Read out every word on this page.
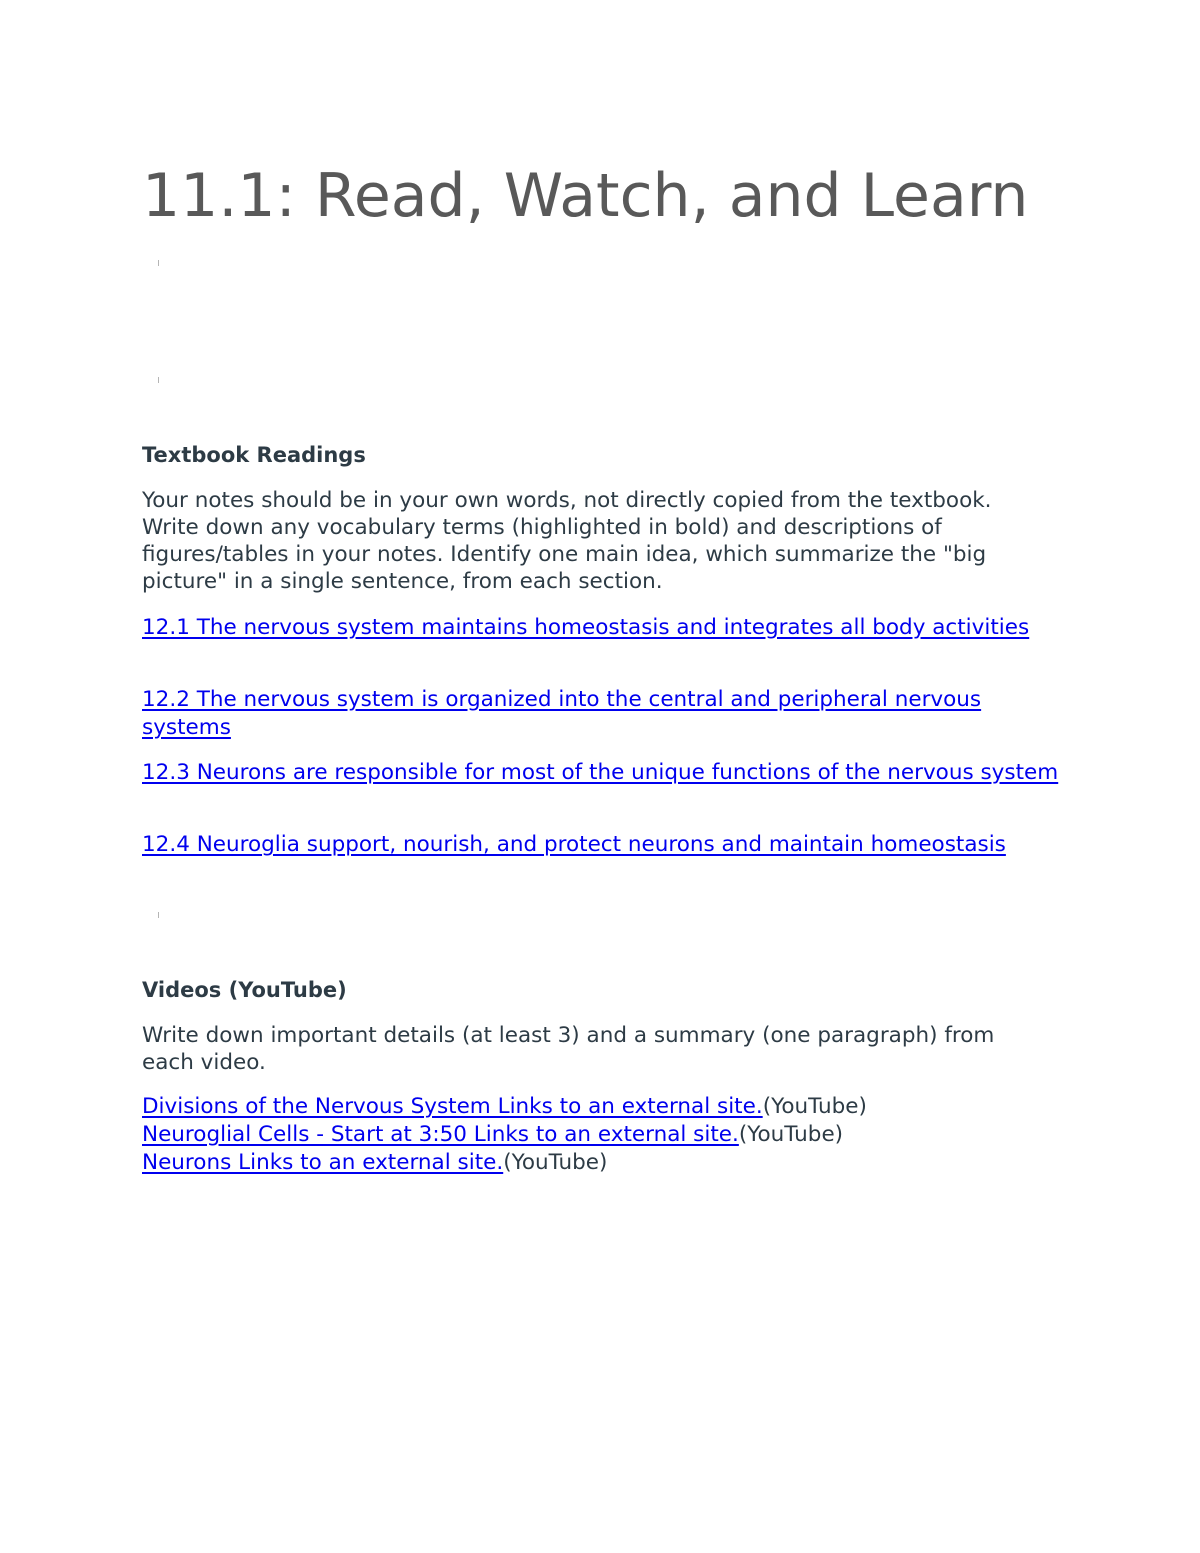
11.1: Read, Watch, and Learn
Textbook Readings

Your notes should be in your own words, not directly copied from the textbook. Write down any vocabulary terms (highlighted in bold) and descriptions of figures/tables in your notes. Identify one main idea, which summarize the "big picture" in a single sentence, from each section.

12.1 The nervous system maintains homeostasis and integrates all body activities

12.2 The nervous system is organized into the central and peripheral nervous systems

12.3 Neurons are responsible for most of the unique functions of the nervous system

12.4 Neuroglia support, nourish, and protect neurons and maintain homeostasis

Videos (YouTube)

Write down important details (at least 3) and a summary (one paragraph) from each video.

Divisions of the Nervous System Links to an external site.(YouTube)
Neuroglial Cells - Start at 3:50 Links to an external site.(YouTube)
Neurons Links to an external site.(YouTube)
